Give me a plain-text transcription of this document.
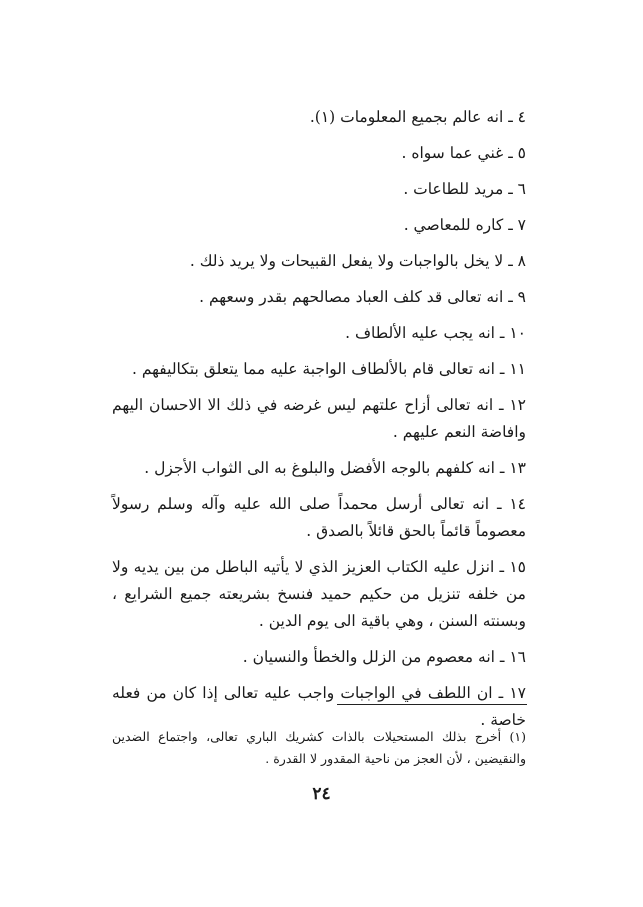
٤ ـ انه عالم بجميع المعلومات (١).

٥ ـ غني عما سواه .

٦ ـ مريد للطاعات .

٧ ـ كاره للمعاصي .

٨ ـ لا يخل بالواجبات ولا يفعل القبيحات ولا يريد ذلك .

٩ ـ انه تعالى قد كلف العباد مصالحهم بقدر وسعهم .

١٠ ـ انه يجب عليه الألطاف .

١١ ـ انه تعالى قام بالألطاف الواجبة عليه مما يتعلق بتكاليفهم .

١٢ ـ انه تعالى أزاح علتهم ليس غرضه في ذلك الا الاحسان اليهم وافاضة النعم عليهم .

١٣ ـ انه كلفهم بالوجه الأفضل والبلوغ به الى الثواب الأجزل .

١٤ ـ انه تعالى أرسل محمداً صلى الله عليه وآله وسلم رسولاً معصوماً قائماً بالحق قائلاً بالصدق .

١٥ ـ انزل عليه الكتاب العزيز الذي لا يأتيه الباطل من بين يديه ولا من خلفه تنزيل من حكيم حميد فنسخ بشريعته جميع الشرايع ، وبسنته السنن ، وهي باقية الى يوم الدين .

١٦ ـ انه معصوم من الزلل والخطأ والنسيان .

١٧ ـ ان اللطف في الواجبات واجب عليه تعالى إذا كان من فعله خاصة .

(١) أخرج بذلك المستحيلات بالذات كشريك الباري تعالى، واجتماع الضدين والنقيضين ، لأن العجز من ناحية المقدور لا القدرة .

٢٤
